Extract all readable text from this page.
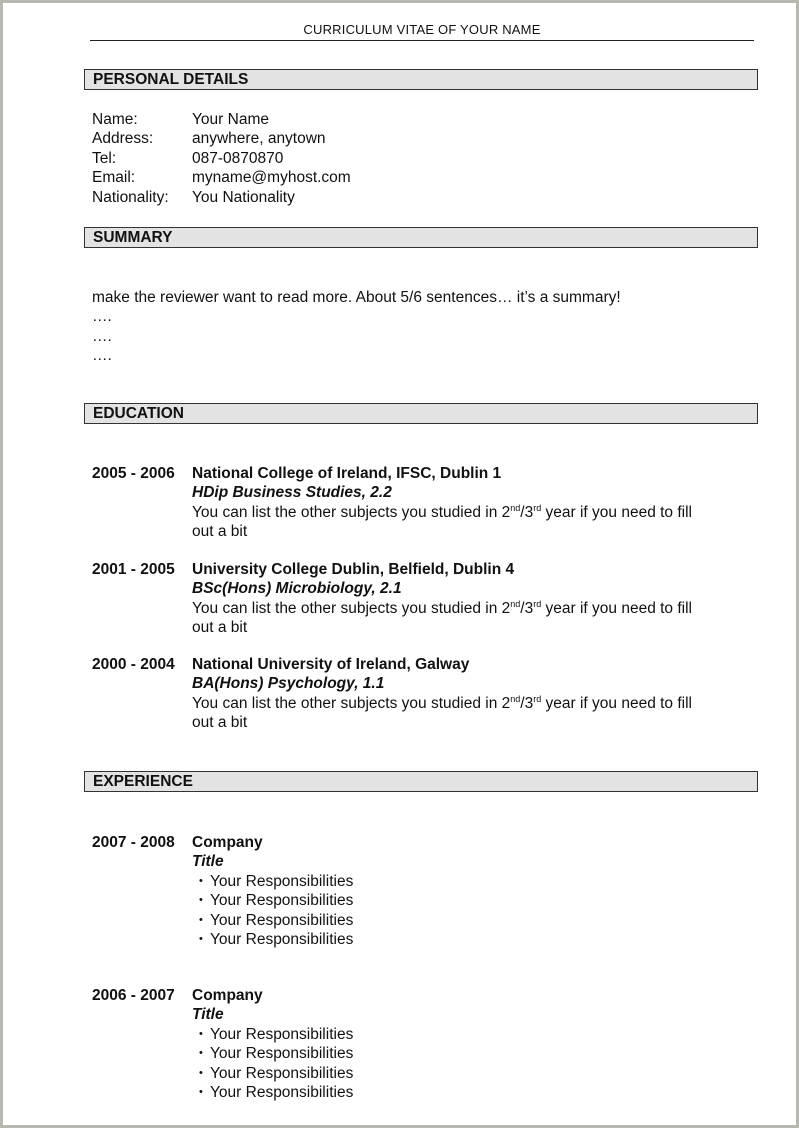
CURRICULUM VITAE OF YOUR NAME
PERSONAL DETAILS
Name:	Your Name
Address:	anywhere, anytown
Tel:	087-0870870
Email:	myname@myhost.com
Nationality:	You Nationality
SUMMARY
make the reviewer want to read more. About 5/6 sentences… it’s a summary!
….
….
….
EDUCATION
2005 - 2006	National College of Ireland, IFSC, Dublin 1
HDip Business Studies, 2.2
You can list the other subjects you studied in 2nd/3rd year if you need to fill
out a bit
2001 - 2005	University College Dublin, Belfield, Dublin 4
BSc(Hons) Microbiology, 2.1
You can list the other subjects you studied in 2nd/3rd year if you need to fill
out a bit
2000 - 2004	National University of Ireland, Galway
BA(Hons) Psychology, 1.1
You can list the other subjects you studied in 2nd/3rd year if you need to fill
out a bit
EXPERIENCE
2007 - 2008	Company
Title
• Your Responsibilities
• Your Responsibilities
• Your Responsibilities
• Your Responsibilities
2006 - 2007	Company
Title
• Your Responsibilities
• Your Responsibilities
• Your Responsibilities
• Your Responsibilities
